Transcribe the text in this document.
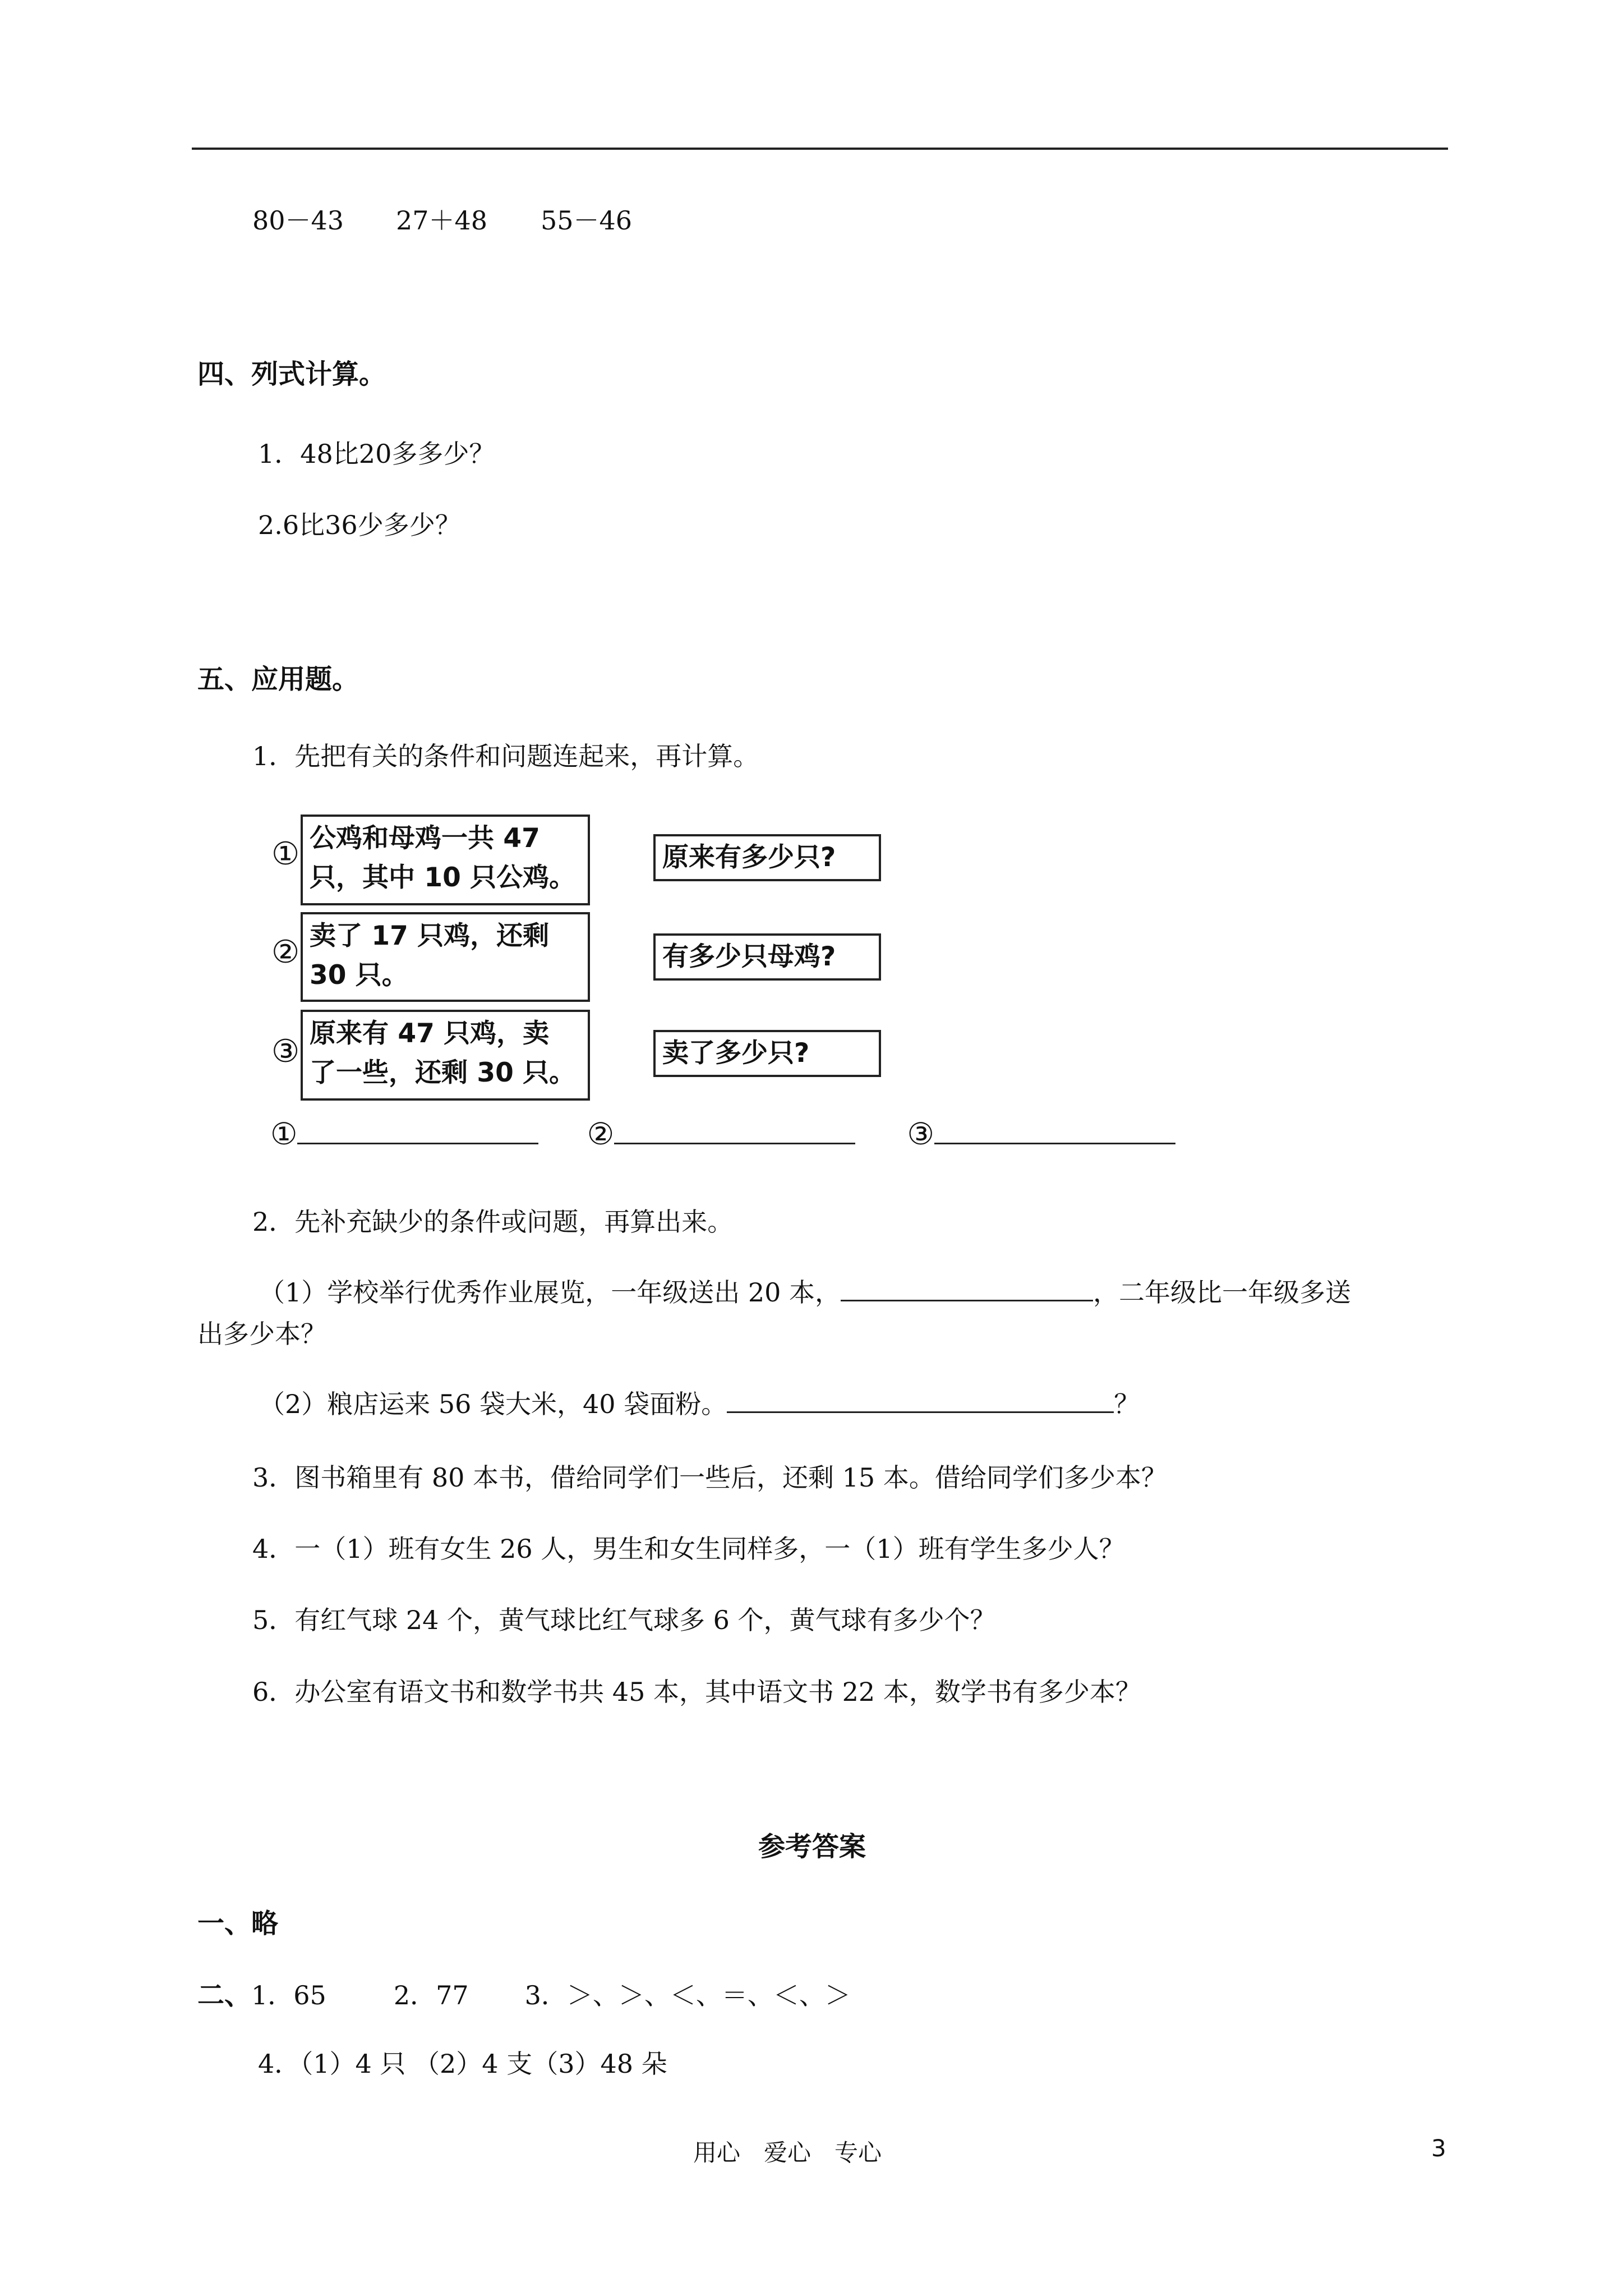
80－43 27＋48 55－46
四、列式计算。
1．48比20多多少？
2.6比36少多少？
五、应用题。
1．先把有关的条件和问题连起来，再计算。
① 公鸡和母鸡一共 47
只，其中 10 只公鸡。
② 卖了 17 只鸡，还剩
30 只。
③ 原来有 47 只鸡，卖
了一些，还剩 30 只。
原来有多少只?
有多少只母鸡?
卖了多少只?
①	②	③
2．先补充缺少的条件或问题，再算出来。
（1）学校举行优秀作业展览，一年级送出 20 本，	，二年级比一年级多送
出多少本？
（2）粮店运来 56 袋大米，40 袋面粉。	？
3．图书箱里有 80 本书，借给同学们一些后，还剩 15 本。借给同学们多少本？
4．一（1）班有女生 26 人，男生和女生同样多，一（1）班有学生多少人？
5．有红气球 24 个，黄气球比红气球多 6 个，黄气球有多少个？
6．办公室有语文书和数学书共 45 本，其中语文书 22 本，数学书有多少本？
参考答案
一、略
二、1．65	2．77 3．＞、＞、＜、＝、＜、＞
4．（1）4 只 （2）4 支（3）48 朵
用心　爱心　专心	3
